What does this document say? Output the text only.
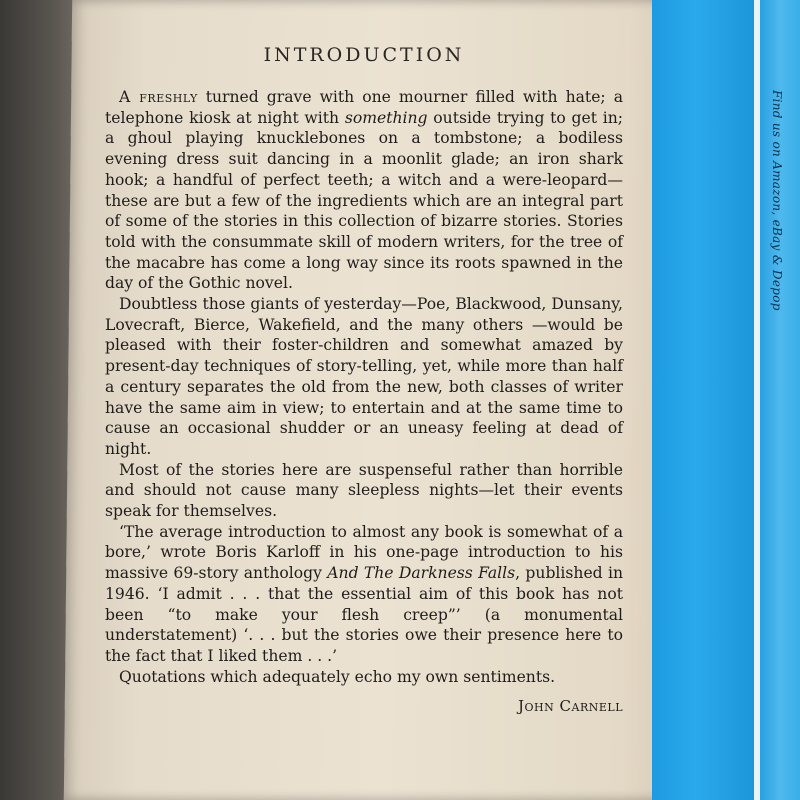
Find us on Amazon, eBay & Depop
INTRODUCTION

A freshly turned grave with one mourner filled with hate; a telephone kiosk at night with something outside trying to get in; a ghoul playing knucklebones on a tombstone; a bodiless evening dress suit dancing in a moonlit glade; an iron shark hook; a handful of perfect teeth; a witch and a were-leopard—these are but a few of the ingredients which are an integral part of some of the stories in this collection of bizarre stories. Stories told with the consummate skill of modern writers, for the tree of the macabre has come a long way since its roots spawned in the day of the Gothic novel.

Doubtless those giants of yesterday—Poe, Blackwood, Dunsany, Lovecraft, Bierce, Wakefield, and the many others —would be pleased with their foster-children and somewhat amazed by present-day techniques of story-telling, yet, while more than half a century separates the old from the new, both classes of writer have the same aim in view; to entertain and at the same time to cause an occasional shudder or an uneasy feeling at dead of night.

Most of the stories here are suspenseful rather than horrible and should not cause many sleepless nights—let their events speak for themselves.

‘The average introduction to almost any book is somewhat of a bore,’ wrote Boris Karloff in his one-page introduction to his massive 69-story anthology And The Darkness Falls, published in 1946. ‘I admit . . . that the essential aim of this book has not been “to make your flesh creep”’ (a monumental understatement) ‘. . . but the stories owe their presence here to the fact that I liked them . . .’

Quotations which adequately echo my own sentiments.

John Carnell
